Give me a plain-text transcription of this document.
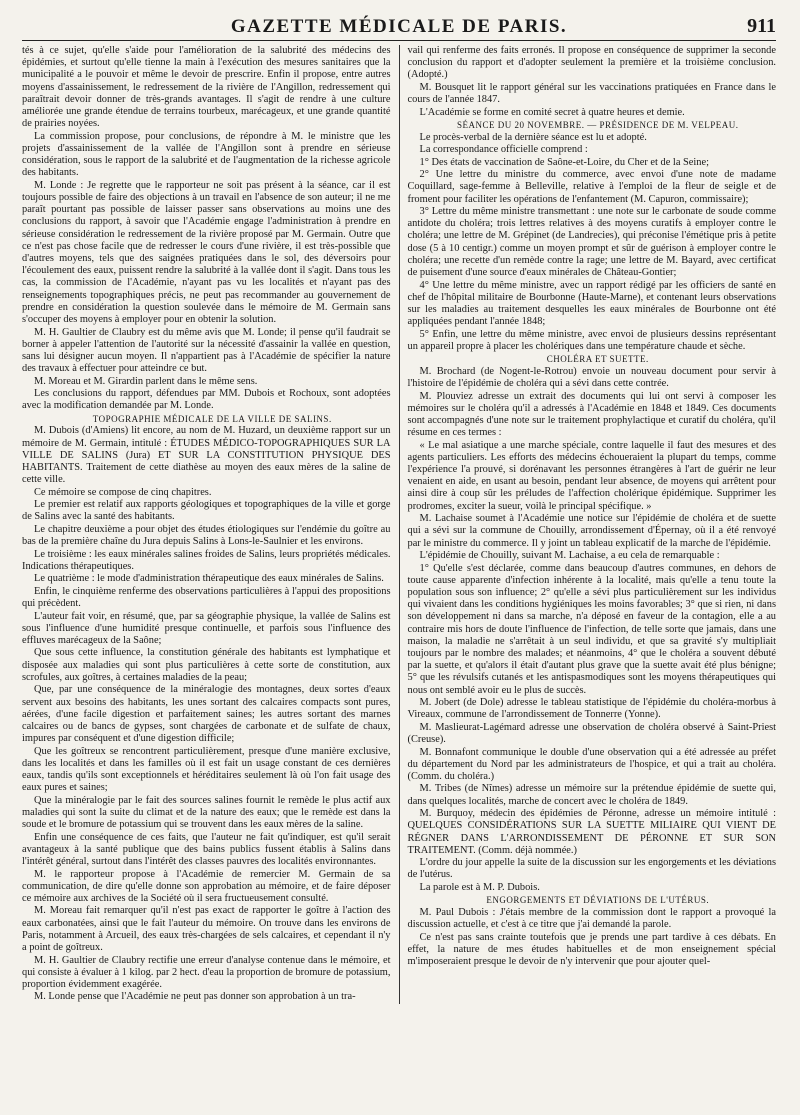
GAZETTE MÉDICALE DE PARIS.	911

tés à ce sujet, qu'elle s'aide pour l'amélioration de la salubrité des médecins des épidémies, et surtout qu'elle tienne la main à l'exécution des mesures sanitaires que la municipalité a le pouvoir et même le devoir de prescrire. Enfin il propose, entre autres moyens d'assainissement, le redressement de la rivière de l'Angillon, redressement qui paraîtrait devoir donner de très-grands avantages. Il s'agit de rendre à une culture améliorée une grande étendue de terrains tourbeux, marécageux, et une grande quantité de prairies noyées.

La commission propose, pour conclusions, de répondre à M. le ministre que les projets d'assainissement de la vallée de l'Angillon sont à prendre en sérieuse considération, sous le rapport de la salubrité et de l'augmentation de la richesse agricole des habitants.

M. Londe : Je regrette que le rapporteur ne soit pas présent à la séance, car il est toujours possible de faire des objections à un travail en l'absence de son auteur; il ne me paraît pourtant pas possible de laisser passer sans observations au moins une des conclusions du rapport, à savoir que l'Académie engage l'administration à prendre en sérieuse considération le redressement de la rivière proposé par M. Germain. Outre que ce n'est pas chose facile que de redresser le cours d'une rivière, il est très-possible que d'autres moyens, tels que des saignées pratiquées dans le sol, des déversoirs pour l'écoulement des eaux, puissent rendre la salubrité à la vallée dont il s'agit. Dans tous les cas, la commission de l'Académie, n'ayant pas vu les localités et n'ayant pas des renseignements topographiques précis, ne peut pas recommander au gouvernement de prendre en considération la question soulevée dans le mémoire de M. Germain sans s'occuper des moyens à employer pour en obtenir la solution.

M. H. Gaultier de Claubry est du même avis que M. Londe; il pense qu'il faudrait se borner à appeler l'attention de l'autorité sur la nécessité d'assainir la vallée en question, sans lui désigner aucun moyen. Il n'appartient pas à l'Académie de spécifier la nature des travaux à effectuer pour atteindre ce but.

M. Moreau et M. Girardin parlent dans le même sens.

Les conclusions du rapport, défendues par MM. Dubois et Rochoux, sont adoptées avec la modification demandée par M. Londe.

TOPOGRAPHIE MÉDICALE DE LA VILLE DE SALINS.

M. Dubois (d'Amiens) lit encore, au nom de M. Huzard, un deuxième rapport sur un mémoire de M. Germain, intitulé : ÉTUDES MÉDICO-TOPOGRAPHIQUES SUR LA VILLE DE SALINS (Jura) ET SUR LA CONSTITUTION PHYSIQUE DES HABITANTS. Traitement de cette diathèse au moyen des eaux mères de la saline de cette ville.

Ce mémoire se compose de cinq chapitres.

Le premier est relatif aux rapports géologiques et topographiques de la ville et gorge de Salins avec la santé des habitants.

Le chapitre deuxième a pour objet des études étiologiques sur l'endémie du goître au bas de la première chaîne du Jura depuis Salins à Lons-le-Saulnier et les environs.

Le troisième : les eaux minérales salines froides de Salins, leurs propriétés médicales. Indications thérapeutiques.

Le quatrième : le mode d'administration thérapeutique des eaux minérales de Salins.

Enfin, le cinquième renferme des observations particulières à l'appui des propositions qui précèdent.

L'auteur fait voir, en résumé, que, par sa géographie physique, la vallée de Salins est sous l'influence d'une humidité presque continuelle, et parfois sous l'influence des effluves marécageux de la Saône;

Que sous cette influence, la constitution générale des habitants est lymphatique et disposée aux maladies qui sont plus particulières à cette sorte de constitution, aux scrofules, aux goîtres, à certaines maladies de la peau;

Que, par une conséquence de la minéralogie des montagnes, deux sortes d'eaux servent aux besoins des habitants, les unes sortant des calcaires compacts sont pures, aérées, d'une facile digestion et parfaitement saines; les autres sortant des marnes calcaires ou de bancs de gypses, sont chargées de carbonate et de sulfate de chaux, impures par conséquent et d'une digestion difficile;

Que les goîtreux se rencontrent particulièrement, presque d'une manière exclusive, dans les localités et dans les familles où il est fait un usage constant de ces dernières eaux, tandis qu'ils sont exceptionnels et héréditaires seulement là où l'on fait usage des eaux pures et saines;

Que la minéralogie par le fait des sources salines fournit le remède le plus actif aux maladies qui sont la suite du climat et de la nature des eaux; que le remède est dans la soude et le bromure de potassium qui se trouvent dans les eaux mères de la saline.

Enfin une conséquence de ces faits, que l'auteur ne fait qu'indiquer, est qu'il serait avantageux à la santé publique que des bains publics fussent établis à Salins dans l'intérêt général, surtout dans l'intérêt des classes pauvres des localités environnantes.

M. le rapporteur propose à l'Académie de remercier M. Germain de sa communication, de dire qu'elle donne son approbation au mémoire, et de faire déposer ce mémoire aux archives de la Société où il sera fructueusement consulté.

M. Moreau fait remarquer qu'il n'est pas exact de rapporter le goître à l'action des eaux carbonatées, ainsi que le fait l'auteur du mémoire. On trouve dans les environs de Paris, notamment à Arcueil, des eaux très-chargées de sels calcaires, et cependant il n'y a point de goîtreux.

M. H. Gaultier de Claubry rectifie une erreur d'analyse contenue dans le mémoire, et qui consiste à évaluer à 1 kilog. par 2 hect. d'eau la proportion de bromure de potassium, proportion évidemment exagérée.

M. Londe pense que l'Académie ne peut pas donner son approbation à un tra-

vail qui renferme des faits erronés. Il propose en conséquence de supprimer la seconde conclusion du rapport et d'adopter seulement la première et la troisième conclusion. (Adopté.)

M. Bousquet lit le rapport général sur les vaccinations pratiquées en France dans le cours de l'année 1847.

L'Académie se forme en comité secret à quatre heures et demie.

SÉANCE DU 20 NOVEMBRE. — PRÉSIDENCE DE M. VELPEAU.

Le procès-verbal de la dernière séance est lu et adopté.

La correspondance officielle comprend :

1° Des états de vaccination de Saône-et-Loire, du Cher et de la Seine;

2° Une lettre du ministre du commerce, avec envoi d'une note de madame Coquillard, sage-femme à Belleville, relative à l'emploi de la fleur de seigle et de froment pour faciliter les opérations de l'enfantement (M. Capuron, commissaire);

3° Lettre du même ministre transmettant : une note sur le carbonate de soude comme antidote du choléra; trois lettres relatives à des moyens curatifs à employer contre le choléra; une lettre de M. Grépinet (de Landrecies), qui préconise l'émétique pris à petite dose (5 à 10 centigr.) comme un moyen prompt et sûr de guérison à employer contre le choléra; une recette d'un remède contre la rage; une lettre de M. Bayard, avec certificat de puisement d'une source d'eaux minérales de Château-Gontier;

4° Une lettre du même ministre, avec un rapport rédigé par les officiers de santé en chef de l'hôpital militaire de Bourbonne (Haute-Marne), et contenant leurs observations sur les maladies au traitement desquelles les eaux minérales de Bourbonne ont été appliquées pendant l'année 1848;

5° Enfin, une lettre du même ministre, avec envoi de plusieurs dessins représentant un appareil propre à placer les cholériques dans une température chaude et sèche.

CHOLÉRA ET SUETTE.

M. Brochard (de Nogent-le-Rotrou) envoie un nouveau document pour servir à l'histoire de l'épidémie de choléra qui a sévi dans cette contrée.

M. Plouviez adresse un extrait des documents qui lui ont servi à composer les mémoires sur le choléra qu'il a adressés à l'Académie en 1848 et 1849. Ces documents sont accompagnés d'une note sur le traitement prophylactique et curatif du choléra, qu'il résume en ces termes :

« Le mal asiatique a une marche spéciale, contre laquelle il faut des mesures et des agents particuliers. Les efforts des médecins échoueraient la plupart du temps, comme l'expérience l'a prouvé, si dorénavant les personnes étrangères à l'art de guérir ne leur venaient en aide, en usant au besoin, pendant leur absence, de moyens qui arrêtent pour ainsi dire à coup sûr les préludes de l'affection cholérique épidémique. Supprimer les prodromes, exciter la sueur, voilà le principal spécifique. »

M. Lachaise soumet à l'Académie une notice sur l'épidémie de choléra et de suette qui a sévi sur la commune de Chouilly, arrondissement d'Épernay, où il a été renvoyé par le ministre du commerce. Il y joint un tableau explicatif de la marche de l'épidémie.

L'épidémie de Chouilly, suivant M. Lachaise, a eu cela de remarquable :

1° Qu'elle s'est déclarée, comme dans beaucoup d'autres communes, en dehors de toute cause apparente d'infection inhérente à la localité, mais qu'elle a tenu toute la population sous son influence; 2° qu'elle a sévi plus particulièrement sur les individus qui vivaient dans les conditions hygiéniques les moins favorables; 3° que si rien, ni dans son développement ni dans sa marche, n'a déposé en faveur de la contagion, elle a au contraire mis hors de doute l'influence de l'infection, de telle sorte que jamais, dans une maison, la maladie ne s'arrêtait à un seul individu, et que sa gravité s'y multipliait toujours par le nombre des malades; et néanmoins, 4° que le choléra a souvent débuté par la suette, et qu'alors il était d'autant plus grave que la suette avait été plus bénigne; 5° que les révulsifs cutanés et les antispasmodiques sont les moyens thérapeutiques qui nous ont semblé avoir eu le plus de succès.

M. Jobert (de Dole) adresse le tableau statistique de l'épidémie du choléra-morbus à Vireaux, commune de l'arrondissement de Tonnerre (Yonne).

M. Maslieurat-Lagémard adresse une observation de choléra observé à Saint-Priest (Creuse).

M. Bonnafont communique le double d'une observation qui a été adressée au préfet du département du Nord par les administrateurs de l'hospice, et qui a trait au choléra. (Comm. du choléra.)

M. Tribes (de Nîmes) adresse un mémoire sur la prétendue épidémie de suette qui, dans quelques localités, marche de concert avec le choléra de 1849.

M. Burquoy, médecin des épidémies de Péronne, adresse un mémoire intitulé : QUELQUES CONSIDÉRATIONS SUR LA SUETTE MILIAIRE QUI VIENT DE RÉGNER DANS L'ARRONDISSEMENT DE PÉRONNE ET SUR SON TRAITEMENT. (Comm. déjà nommée.)

L'ordre du jour appelle la suite de la discussion sur les engorgements et les déviations de l'utérus.

La parole est à M. P. Dubois.

ENGORGEMENTS ET DÉVIATIONS DE L'UTÉRUS.

M. Paul Dubois : J'étais membre de la commission dont le rapport a provoqué la discussion actuelle, et c'est à ce titre que j'ai demandé la parole.

Ce n'est pas sans crainte toutefois que je prends une part tardive à ces débats. En effet, la nature de mes études habituelles et de mon enseignement spécial m'imposeraient presque le devoir de n'y intervenir que pour ajouter quel-
